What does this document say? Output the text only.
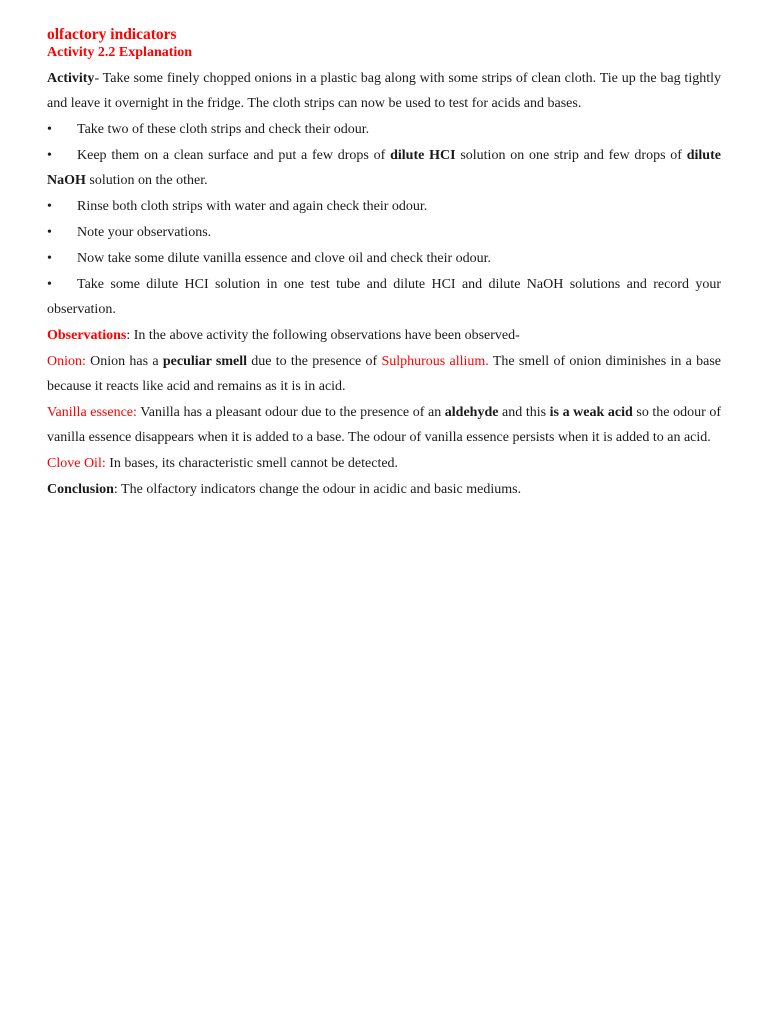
olfactory indicators
Activity 2.2 Explanation

Activity- Take some finely chopped onions in a plastic bag along with some strips of clean cloth. Tie up the bag tightly and leave it overnight in the fridge. The cloth strips can now be used to test for acids and bases.

•	Take two of these cloth strips and check their odour.

•	Keep them on a clean surface and put a few drops of dilute HCI solution on one strip and few drops of dilute NaOH solution on the other.

•	Rinse both cloth strips with water and again check their odour.

•	Note your observations.

•	Now take some dilute vanilla essence and clove oil and check their odour.

•	Take some dilute HCI solution in one test tube and dilute HCI and dilute NaOH solutions and record your observation.

Observations: In the above activity the following observations have been observed-

Onion: Onion has a peculiar smell due to the presence of Sulphurous allium. The smell of onion diminishes in a base because it reacts like acid and remains as it is in acid.

Vanilla essence: Vanilla has a pleasant odour due to the presence of an aldehyde and this is a weak acid so the odour of vanilla essence disappears when it is added to a base. The odour of vanilla essence persists when it is added to an acid.

Clove Oil: In bases, its characteristic smell cannot be detected.

Conclusion: The olfactory indicators change the odour in acidic and basic mediums.
